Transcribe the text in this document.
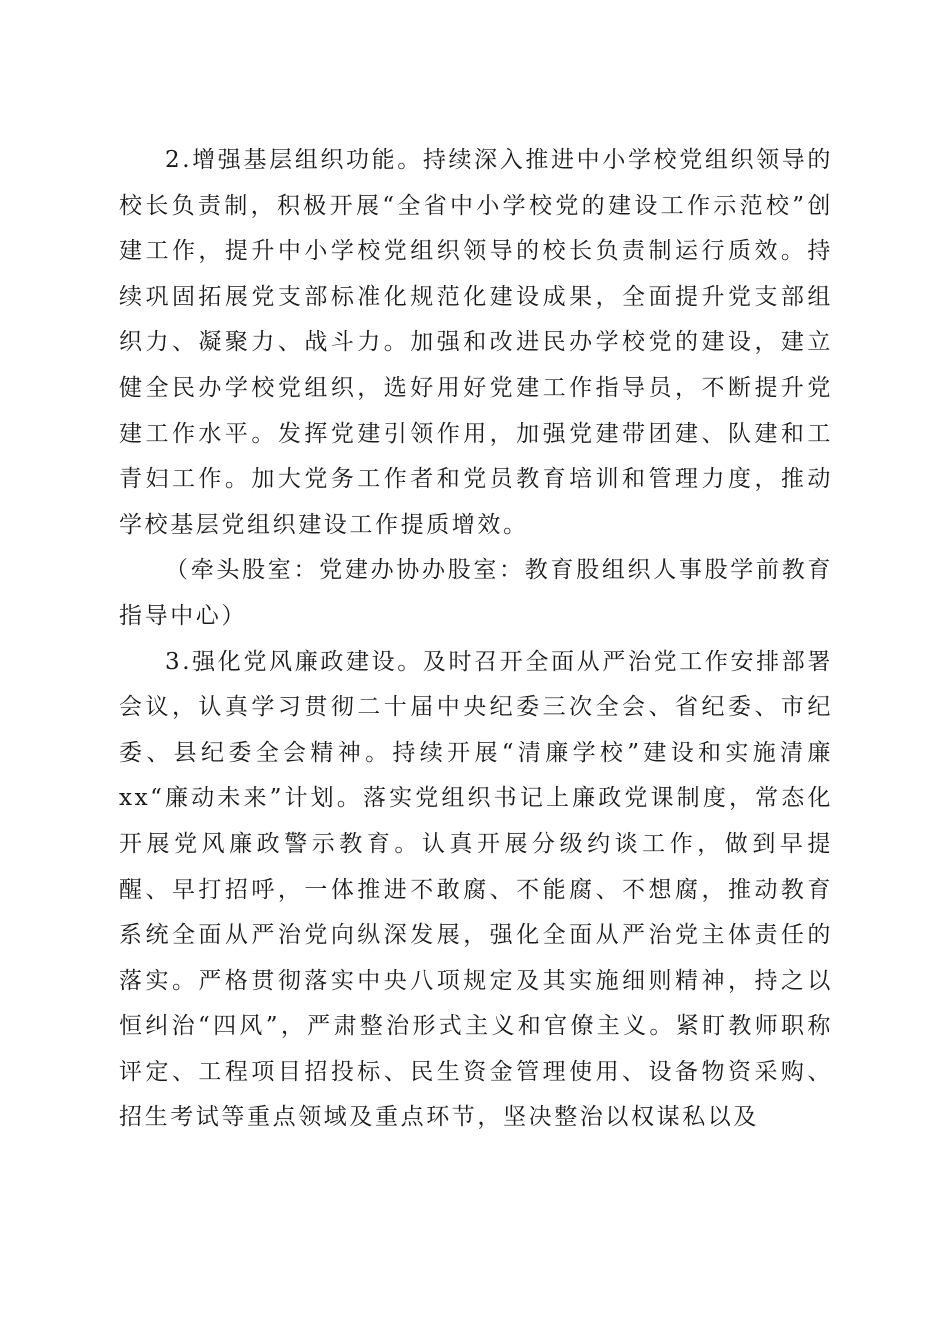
2.增强基层组织功能。持续深入推进中小学校党组织领导的校长负责制，积极开展“全省中小学校党的建设工作示范校”创建工作，提升中小学校党组织领导的校长负责制运行质效。持续巩固拓展党支部标准化规范化建设成果，全面提升党支部组织力、凝聚力、战斗力。加强和改进民办学校党的建设，建立健全民办学校党组织，选好用好党建工作指导员，不断提升党建工作水平。发挥党建引领作用，加强党建带团建、队建和工青妇工作。加大党务工作者和党员教育培训和管理力度，推动学校基层党组织建设工作提质增效。

（牵头股室：党建办协办股室：教育股组织人事股学前教育指导中心）

3.强化党风廉政建设。及时召开全面从严治党工作安排部署会议，认真学习贯彻二十届中央纪委三次全会、省纪委、市纪委、县纪委全会精神。持续开展“清廉学校”建设和实施清廉xx“廉动未来”计划。落实党组织书记上廉政党课制度，常态化开展党风廉政警示教育。认真开展分级约谈工作，做到早提醒、早打招呼，一体推进不敢腐、不能腐、不想腐，推动教育系统全面从严治党向纵深发展，强化全面从严治党主体责任的落实。严格贯彻落实中央八项规定及其实施细则精神，持之以恒纠治“四风”，严肃整治形式主义和官僚主义。紧盯教师职称评定、工程项目招投标、民生资金管理使用、设备物资采购、招生考试等重点领域及重点环节，坚决整治以权谋私以及
